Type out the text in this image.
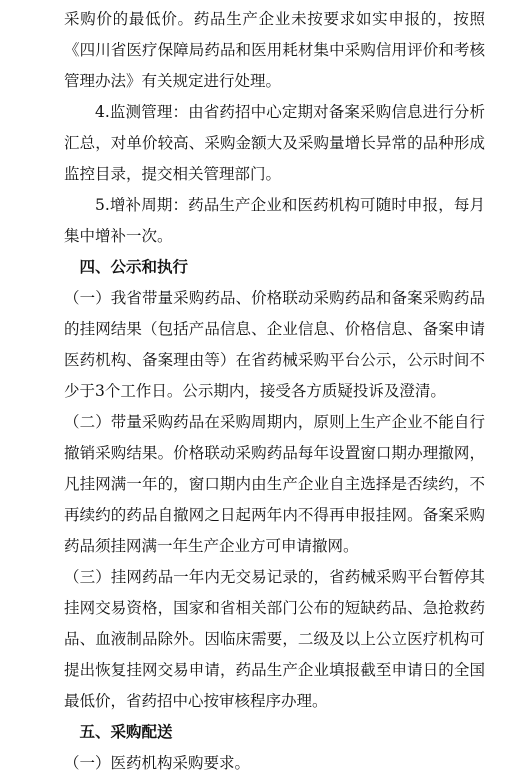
采购价的最低价。药品生产企业未按要求如实申报的，按照《四川省医疗保障局药品和医用耗材集中采购信用评价和考核管理办法》有关规定进行处理。

4.监测管理：由省药招中心定期对备案采购信息进行分析汇总，对单价较高、采购金额大及采购量增长异常的品种形成监控目录，提交相关管理部门。

5.增补周期：药品生产企业和医药机构可随时申报，每月集中增补一次。

四、公示和执行

（一）我省带量采购药品、价格联动采购药品和备案采购药品的挂网结果（包括产品信息、企业信息、价格信息、备案申请医药机构、备案理由等）在省药械采购平台公示，公示时间不少于3个工作日。公示期内，接受各方质疑投诉及澄清。

（二）带量采购药品在采购周期内，原则上生产企业不能自行撤销采购结果。价格联动采购药品每年设置窗口期办理撤网，凡挂网满一年的，窗口期内由生产企业自主选择是否续约，不再续约的药品自撤网之日起两年内不得再申报挂网。备案采购药品须挂网满一年生产企业方可申请撤网。

（三）挂网药品一年内无交易记录的，省药械采购平台暂停其挂网交易资格，国家和省相关部门公布的短缺药品、急抢救药品、血液制品除外。因临床需要，二级及以上公立医疗机构可提出恢复挂网交易申请，药品生产企业填报截至申请日的全国最低价，省药招中心按审核程序办理。

五、采购配送

（一）医药机构采购要求。
